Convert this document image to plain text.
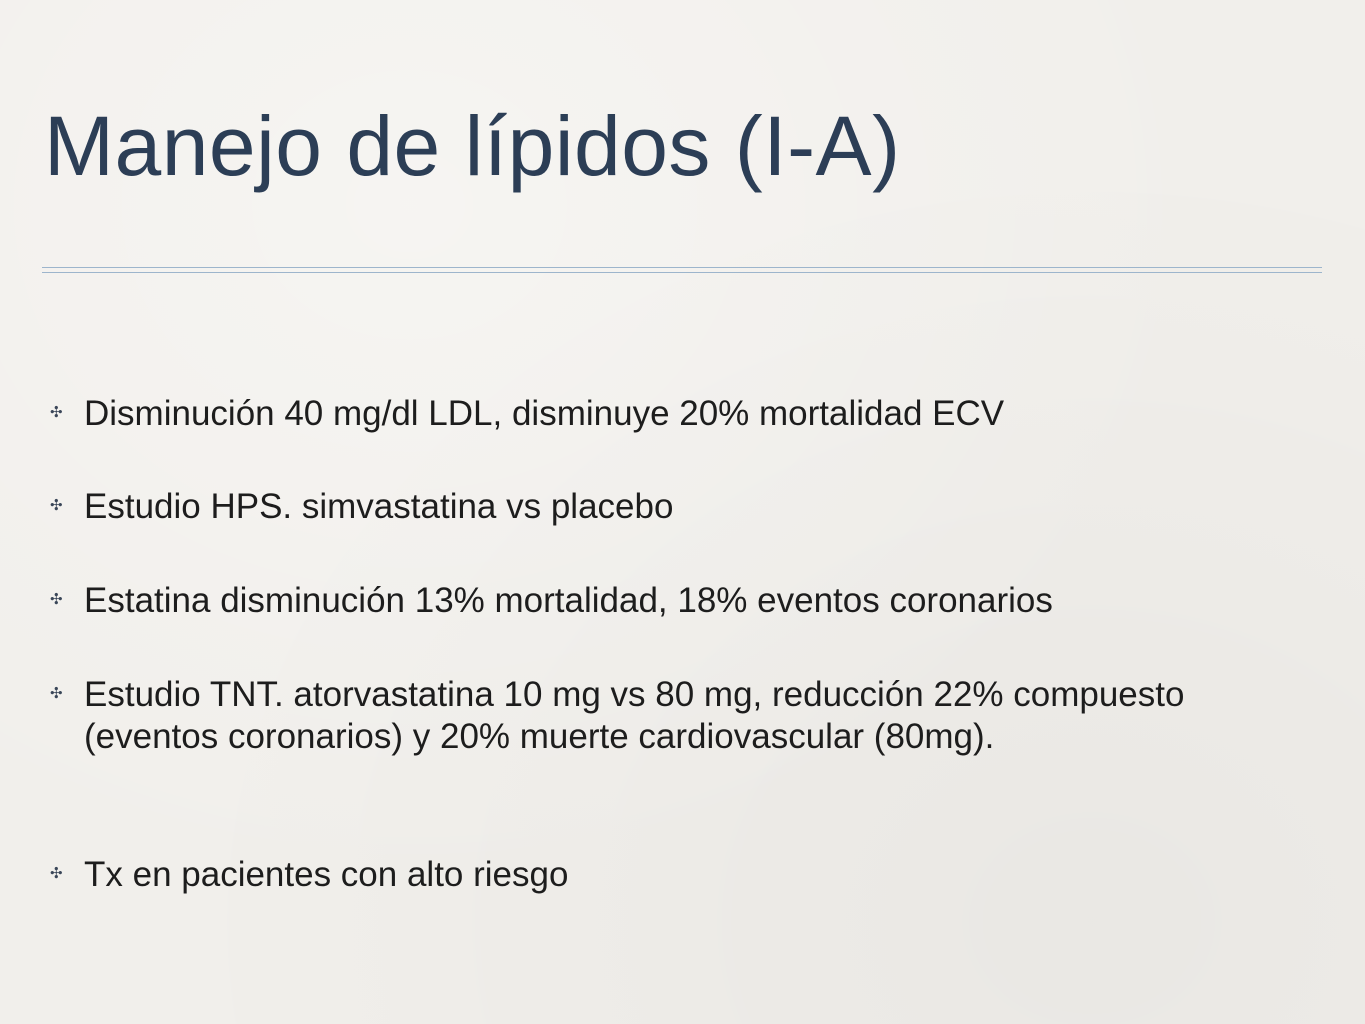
Manejo de lípidos (I-A)
✣ Disminución 40 mg/dl LDL, disminuye 20% mortalidad ECV
✣ Estudio HPS. simvastatina vs placebo
✣ Estatina disminución 13% mortalidad, 18% eventos coronarios
✣ Estudio TNT. atorvastatina 10 mg vs 80 mg, reducción 22% compuesto (eventos coronarios) y 20% muerte cardiovascular (80mg).
✣ Tx en pacientes con alto riesgo
